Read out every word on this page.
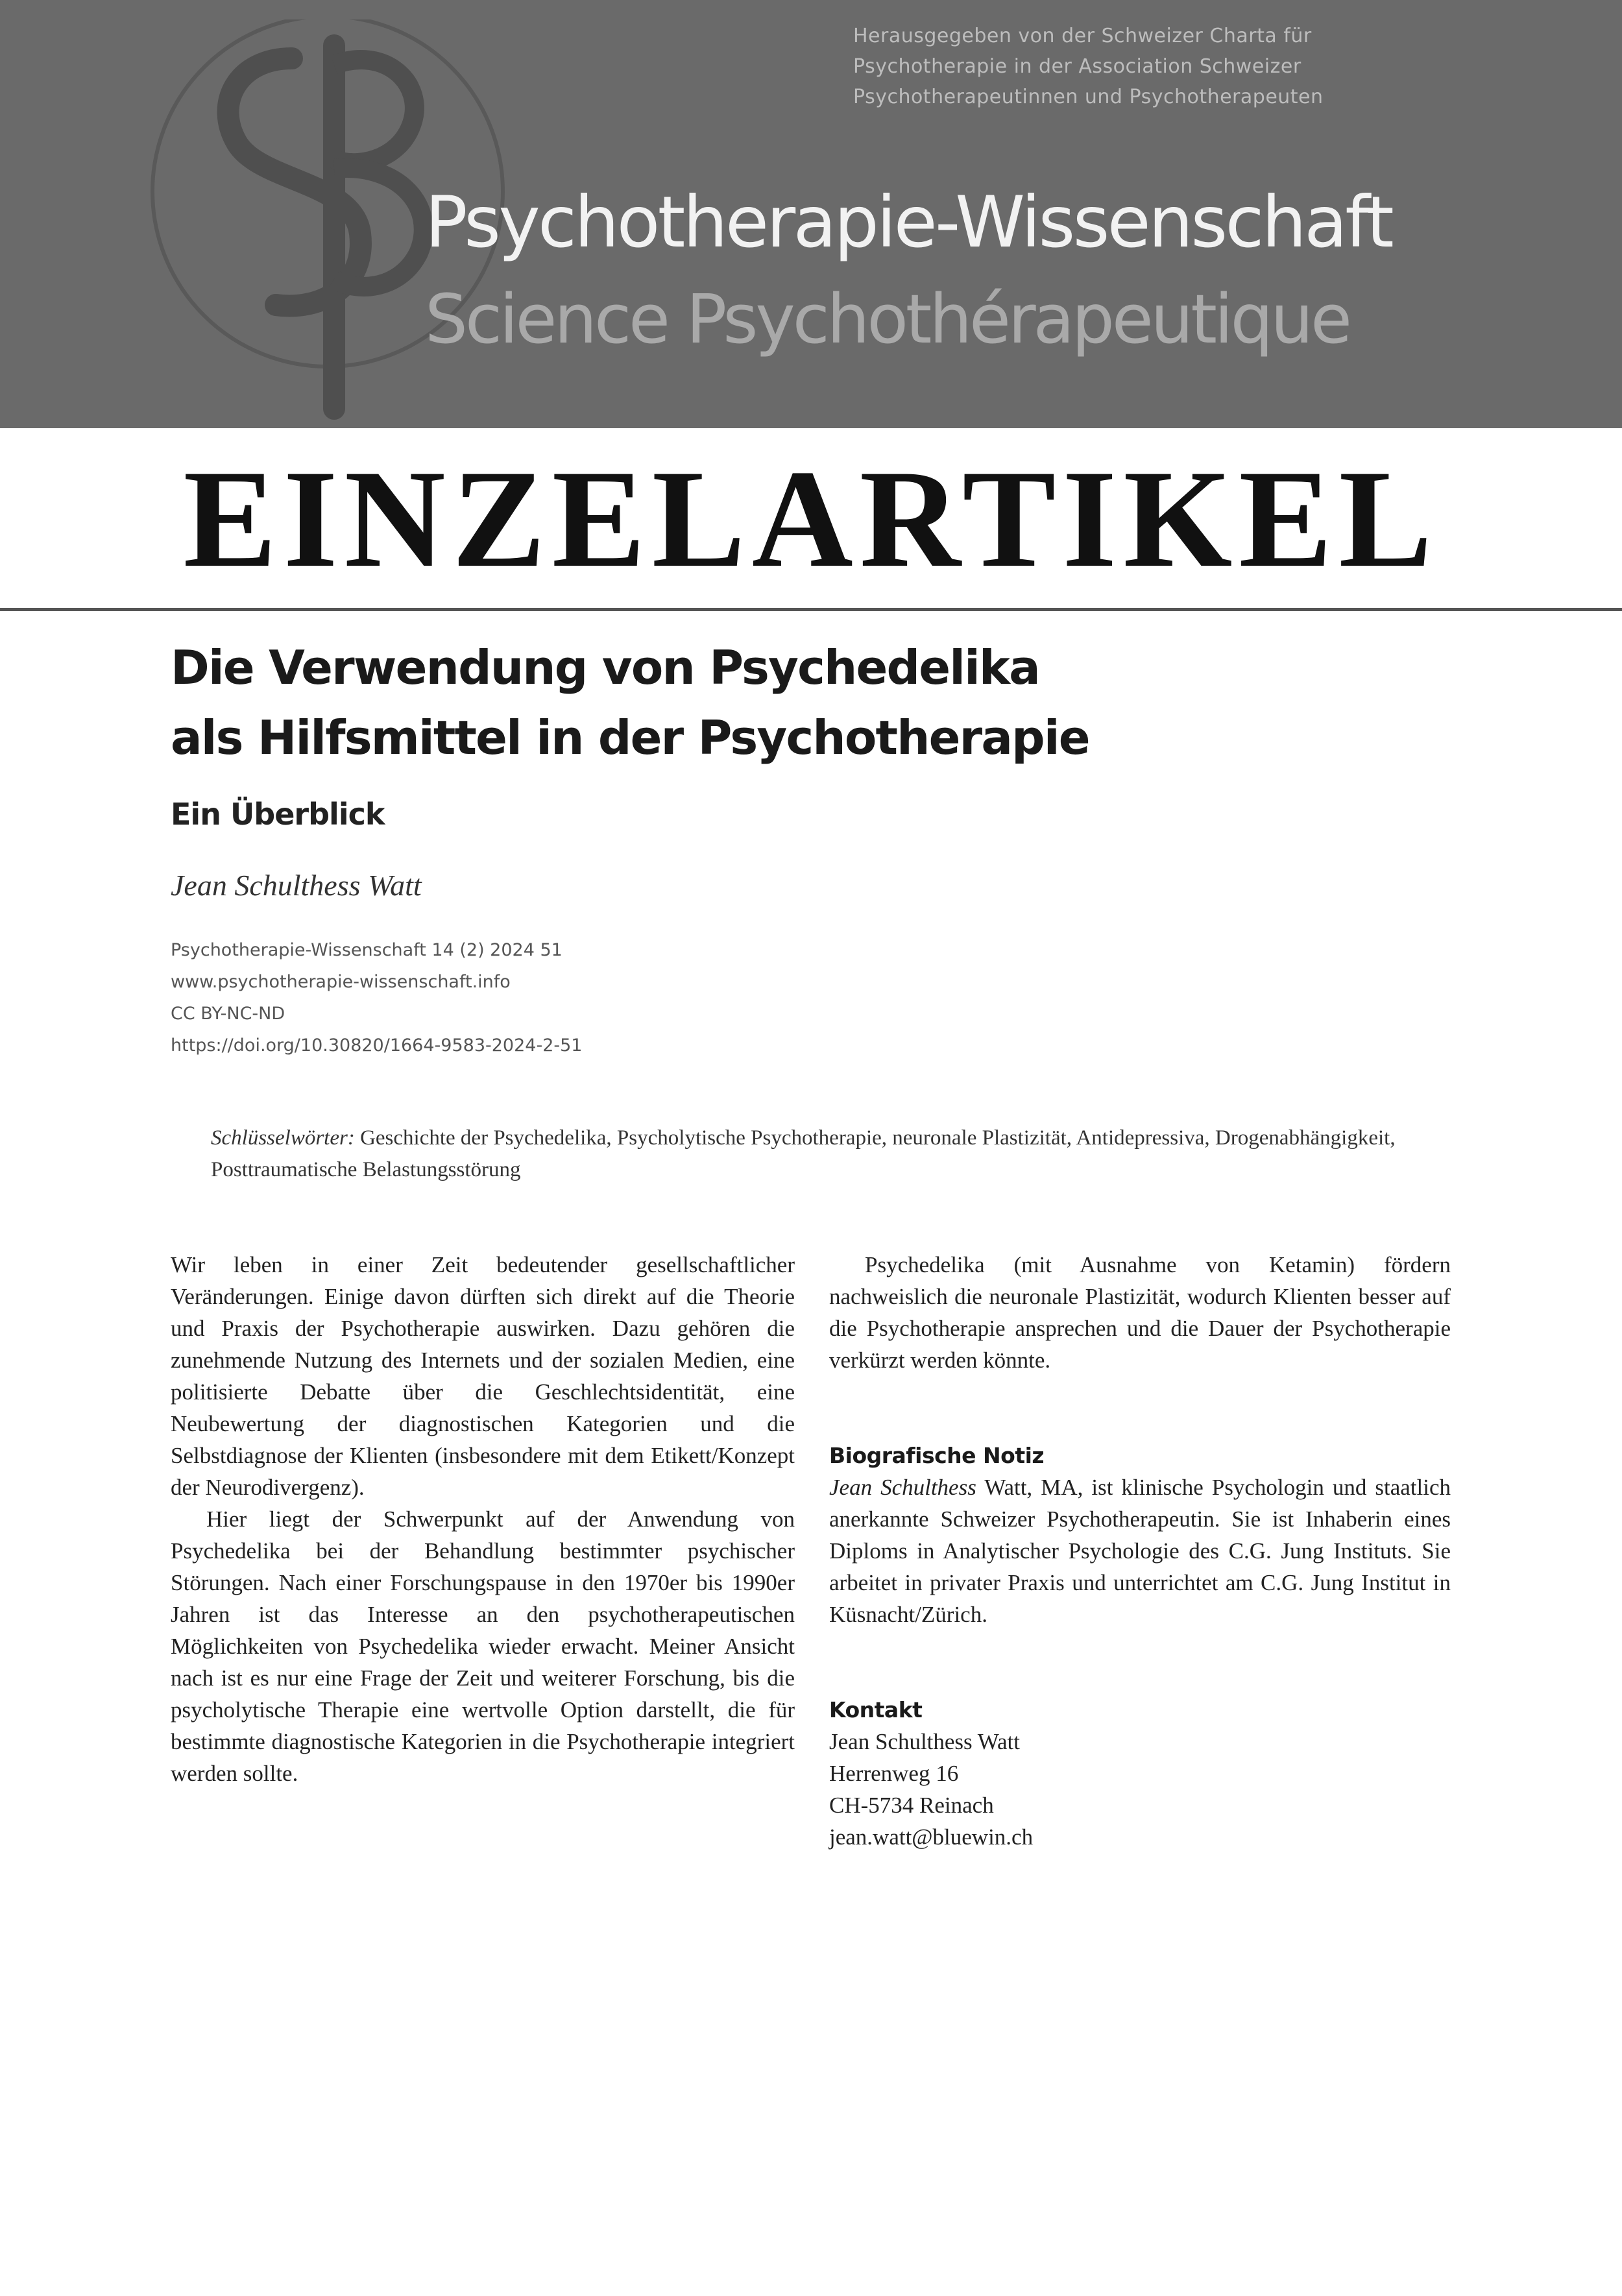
Herausgegeben von der Schweizer Charta für
Psychotherapie in der Association Schweizer
Psychotherapeutinnen und Psychotherapeuten
Psychotherapie-Wissenschaft
Science Psychothérapeutique
EINZELARTIKEL
Die Verwendung von Psychedelika
als Hilfsmittel in der Psychotherapie
Ein Überblick
Jean Schulthess Watt
Psychotherapie-Wissenschaft 14 (2) 2024 51
www.psychotherapie-wissenschaft.info
CC BY-NC-ND
https://doi.org/10.30820/1664-9583-2024-2-51
Schlüsselwörter: Geschichte der Psychedelika, Psycholytische Psychotherapie, neuronale Plastizität, Antidepressiva, Drogenabhängigkeit, Posttraumatische Belastungsstörung

Wir leben in einer Zeit bedeutender gesellschaftlicher Veränderungen. Einige davon dürften sich direkt auf die Theorie und Praxis der Psychotherapie auswirken. Dazu gehören die zunehmende Nutzung des Internets und der sozialen Medien, eine politisierte Debatte über die Geschlechtsidentität, eine Neubewertung der diagnostischen Kategorien und die Selbstdiagnose der Klienten (insbesondere mit dem Etikett/Konzept der Neurodivergenz).

Hier liegt der Schwerpunkt auf der Anwendung von Psychedelika bei der Behandlung bestimmter psychischer Störungen. Nach einer Forschungspause in den 1970er bis 1990er Jahren ist das Interesse an den psychotherapeutischen Möglichkeiten von Psychedelika wieder erwacht. Meiner Ansicht nach ist es nur eine Frage der Zeit und weiterer Forschung, bis die psycholytische Therapie eine wertvolle Option darstellt, die für bestimmte diagnostische Kategorien in die Psychotherapie integriert werden sollte.

Psychedelika (mit Ausnahme von Ketamin) fördern nachweislich die neuronale Plastizität, wodurch Klienten besser auf die Psychotherapie ansprechen und die Dauer der Psychotherapie verkürzt werden könnte.

Biografische Notiz

Jean Schulthess Watt, MA, ist klinische Psychologin und staatlich anerkannte Schweizer Psychotherapeutin. Sie ist Inhaberin eines Diploms in Analytischer Psychologie des C.G. Jung Instituts. Sie arbeitet in privater Praxis und unterrichtet am C.G. Jung Institut in Küsnacht/Zürich.

Kontakt
Jean Schulthess Watt
Herrenweg 16
CH-5734 Reinach
jean.watt@bluewin.ch
